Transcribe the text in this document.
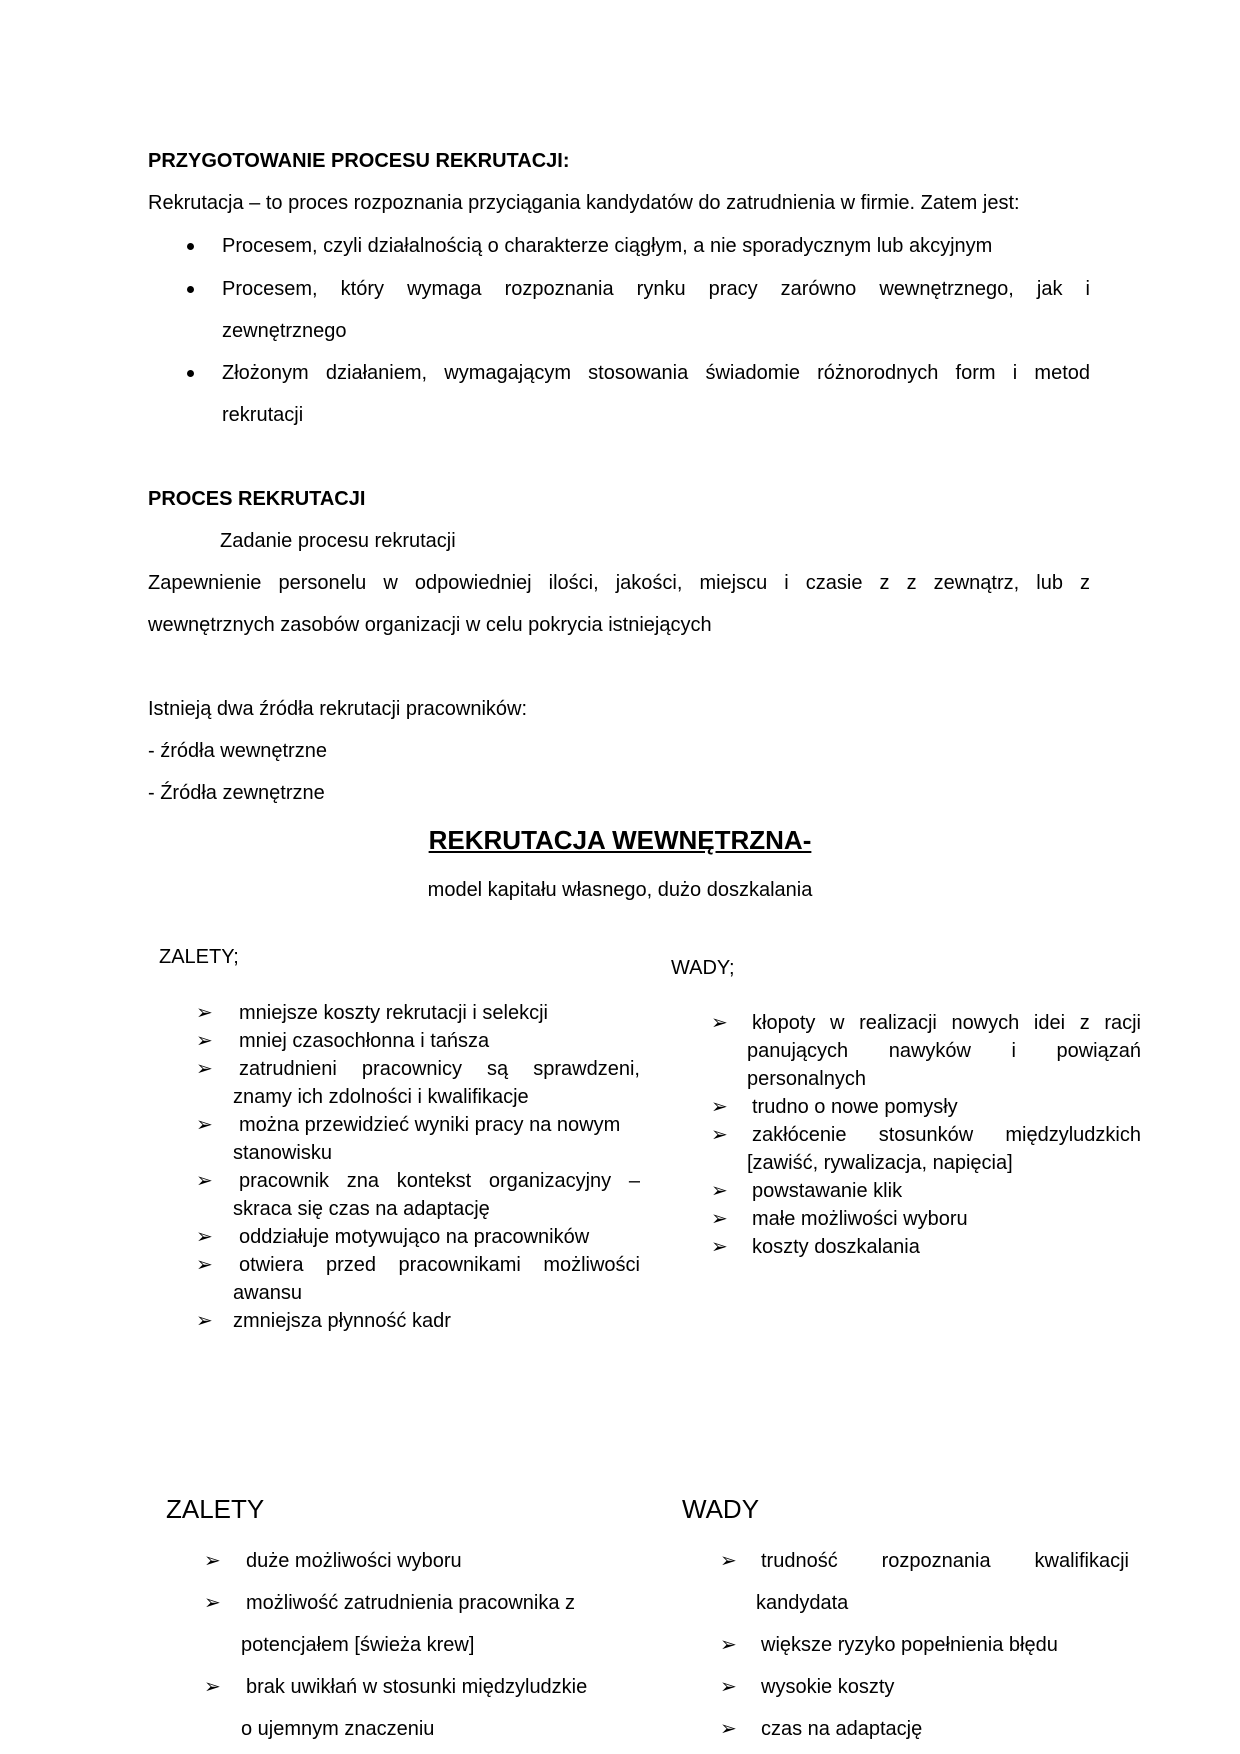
PRZYGOTOWANIE PROCESU REKRUTACJI:
Rekrutacja – to proces rozpoznania przyciągania kandydatów do zatrudnienia w firmie. Zatem jest:
Procesem, czyli działalnością o charakterze ciągłym, a nie sporadycznym lub akcyjnym
Procesem, który wymaga rozpoznania rynku pracy zarówno wewnętrznego, jak i
zewnętrznego
Złożonym działaniem, wymagającym stosowania świadomie różnorodnych form i metod
rekrutacji
PROCES REKRUTACJI
Zadanie procesu rekrutacji
Zapewnienie personelu w odpowiedniej ilości, jakości, miejscu i czasie z z zewnątrz, lub z
wewnętrznych zasobów organizacji w celu pokrycia istniejących
Istnieją dwa źródła rekrutacji pracowników:
- źródła wewnętrzne
- Źródła zewnętrzne
REKRUTACJA WEWNĘTRZNA-
model kapitału własnego, dużo doszkalania
ZALETY;	WADY;
➢ mniejsze koszty rekrutacji i selekcji
➢ mniej czasochłonna i tańsza
➢ zatrudnieni pracownicy są sprawdzeni,
znamy ich zdolności i kwalifikacje
➢ można przewidzieć wyniki pracy na nowym
stanowisku
➢ pracownik zna kontekst organizacyjny –
skraca się czas na adaptację
➢ oddziałuje motywująco na pracowników
➢ otwiera przed pracownikami możliwości
awansu
➢ zmniejsza płynność kadr
➢ kłopoty w realizacji nowych idei z racji
panujących nawyków i powiązań
personalnych
➢ trudno o nowe pomysły
➢ zakłócenie stosunków międzyludzkich
[zawiść, rywalizacja, napięcia]
➢ powstawanie klik
➢ małe możliwości wyboru
➢ koszty doszkalania
ZALETY	WADY
➢ duże możliwości wyboru
➢ możliwość zatrudnienia pracownika z
potencjałem [świeża krew]
➢ brak uwikłań w stosunki międzyludzkie
o ujemnym znaczeniu
➢ trudność rozpoznania kwalifikacji
kandydata
➢ większe ryzyko popełnienia błędu
➢ wysokie koszty
➢ czas na adaptację
